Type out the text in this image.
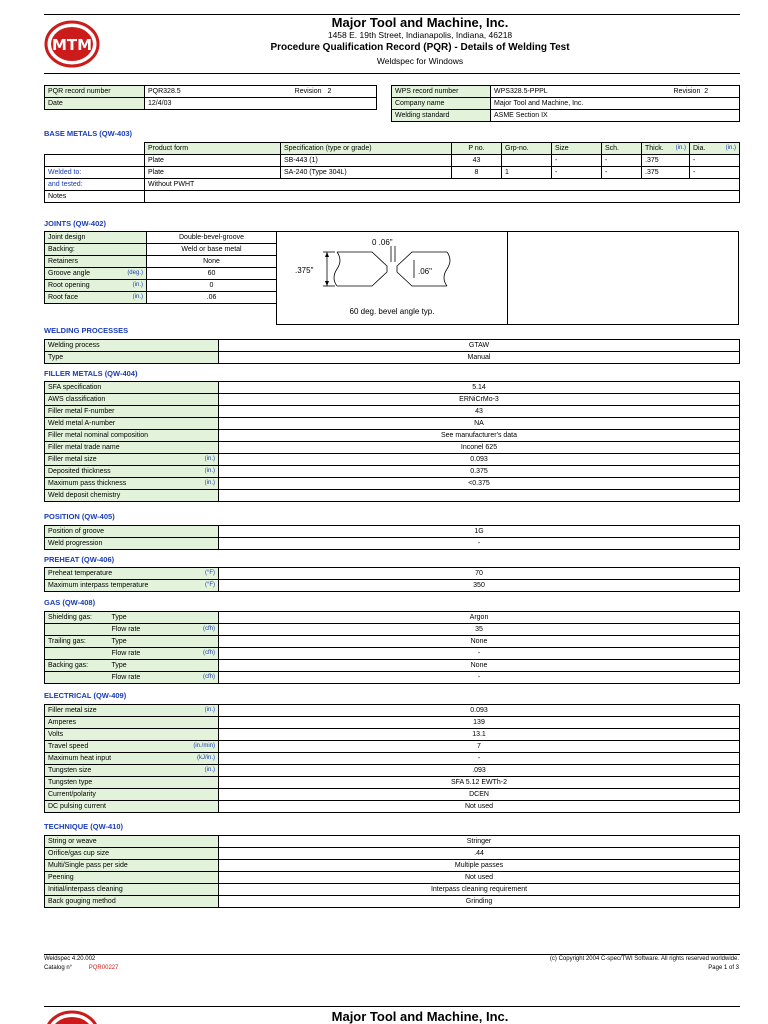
MTM
Major Tool and Machine, Inc.
1458 E. 19th Street, Indianapolis, Indiana, 46218
Procedure Qualification Record (PQR) - Details of Welding Test
Weldspec for Windows
PQR record number	PQR328.5 Revision	2
Date	12/4/03	
WPS record number	WPS328.5-PPPL	Revision 2
Company name	Major Tool and Machine, Inc.	
Welding standard	ASME Section IX	
BASE METALS (QW-403)
	Product form	Specification (type or grade)	P no.	Grp-no.	Size	Sch.	Thick. (in.)	Dia. (in.)

	Plate	SB-443 (1)	43		-	-	.375	-
Welded to:	Plate	SA-240 (Type 304L)	8	1	-	-	.375	-
and tested:	Without PWHT							
Notes								
JOINTS (QW-402)
Joint design	Double-bevel-groove
Backing:	Weld or base metal
Retainers	None
Groove angle (deg.)	60
Root opening (in.)	0
Root face (in.)	.06
0 .06"
.375"	.06"
60 deg. bevel angle typ.
WELDING PROCESSES
Welding process	GTAW
Type	Manual
FILLER METALS (QW-404)
SFA specification	5.14
AWS classification	ERNiCrMo-3
Filler metal F-number	43
Weld metal A-number	NA
Filler metal nominal composition	See manufacturer's data
Filler metal trade name	Inconel 625
Filler metal size (in.)	0.093
Deposited thickness (in.)	0.375
Maximum pass thickness (in.)	<0.375
Weld deposit chemistry

POSITION (QW-405)
Position of groove	1G
Weld progression	-
PREHEAT (QW-406)
Preheat temperature (°F)	70
Maximum interpass temperature (°F)	350
GAS (QW-408)
Shielding gas:	Type	Argon
	Flow rate (cfh)	35
Trailing gas:	Type	None
	Flow rate (cfh)	-
Backing gas:	Type	None
	Flow rate (cfh)	-
ELECTRICAL (QW-409)
Filler metal size (in.)	0.093
Amperes	139
Volts	13.1
Travel speed (in./min)	7
Maximum heat input (kJ/in.)	-
Tungsten size (in.)	.093
Tungsten type	SFA 5.12 EWTh-2
Current/polarity	DCEN
DC pulsing current	Not used
TECHNIQUE (QW-410)
String or weave	Stringer
Orifice/gas cup size	.44
Multi/Single pass per side	Multiple passes
Peening	Not used
Initial/interpass cleaning	Interpass cleaning requirement
Back gouging method	Grinding
Weldspec 4.20.002
Catalog n°	PQR00227
(c) Copyright 2004 C-spec/TWI Software. All rights reserved worldwide.
Page 1 of 3
Major Tool and Machine, Inc.
